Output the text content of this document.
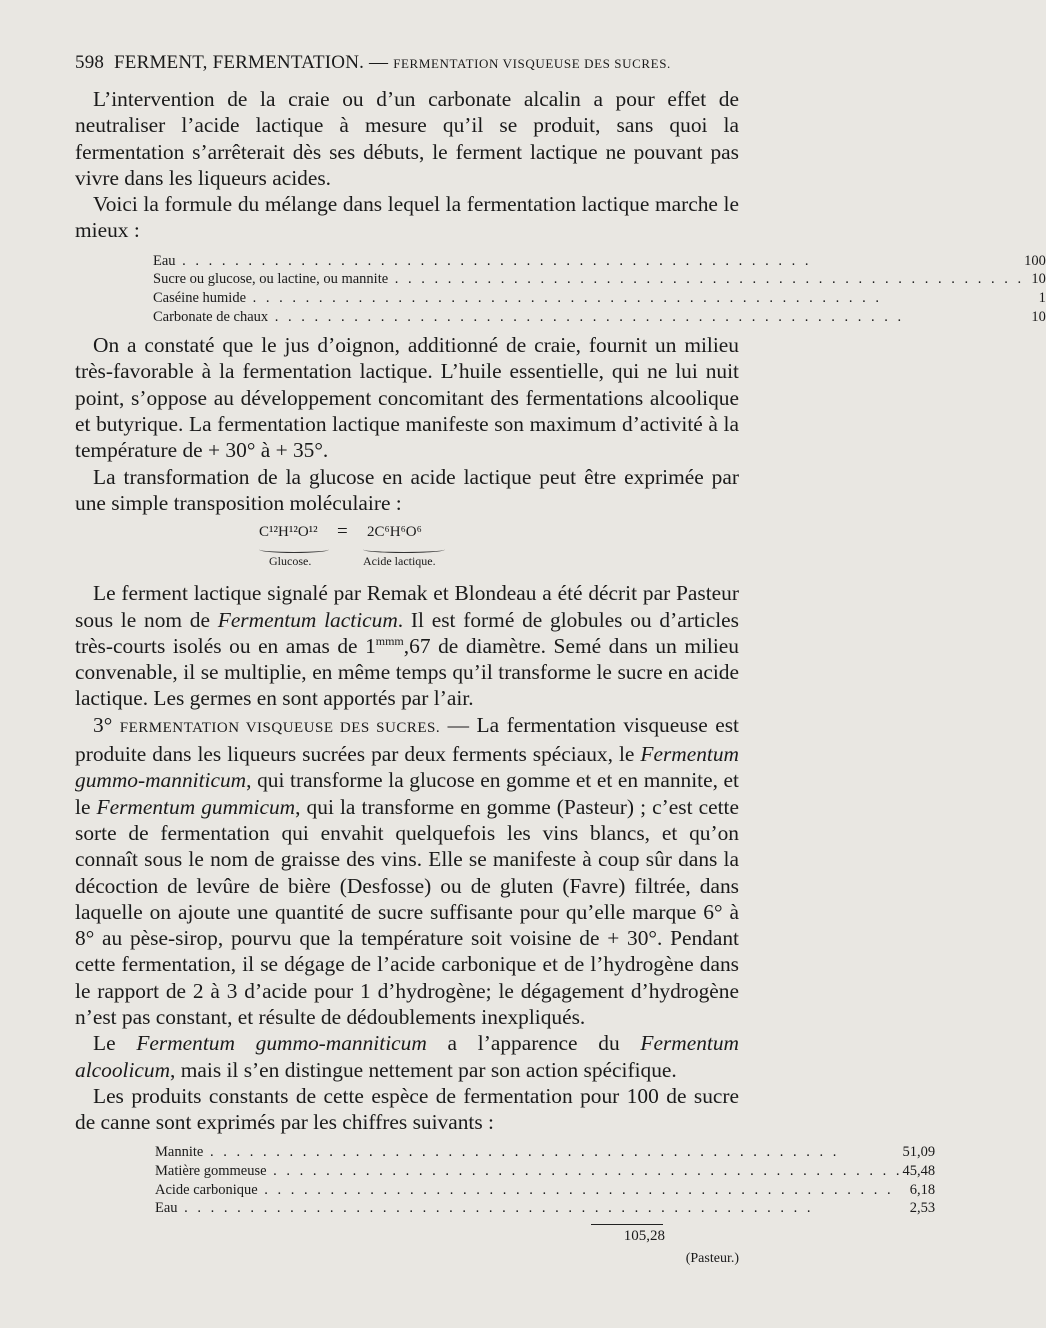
598 FERMENT, FERMENTATION. — FERMENTATION VISQUEUSE DES SUCRES.

L’intervention de la craie ou d’un carbonate alcalin a pour effet de neutraliser l’acide lactique à mesure qu’il se produit, sans quoi la fermentation s’arrêterait dès ses débuts, le ferment lactique ne pouvant pas vivre dans les liqueurs acides.

Voici la formule du mélange dans lequel la fermentation lactique marche le mieux :

Eau . . .	100
Sucre ou glucose, ou lactine, ou mannite . . .	10
Caséine humide . . .	1
Carbonate de chaux . . .	10

On a constaté que le jus d’oignon, additionné de craie, fournit un milieu très-favorable à la fermentation lactique. L’huile essentielle, qui ne lui nuit point, s’oppose au développement concomitant des fermentations alcoolique et butyrique. La fermentation lactique manifeste son maximum d’activité à la température de + 30° à + 35°.

La transformation de la glucose en acide lactique peut être exprimée par une simple transposition moléculaire :

C¹²H¹²O¹² = 2C⁶H⁶O⁶
Glucose.	Acide lactique.

Le ferment lactique signalé par Remak et Blondeau a été décrit par Pasteur sous le nom de Fermentum lacticum. Il est formé de globules ou d’articles très-courts isolés ou en amas de $1^{mmm},67$ de diamètre. Semé dans un milieu convenable, il se multiplie, en même temps qu’il transforme le sucre en acide lactique. Les germes en sont apportés par l’air.

3° FERMENTATION VISQUEUSE DES SUCRES. — La fermentation visqueuse est produite dans les liqueurs sucrées par deux ferments spéciaux, le Fermentum gummo-manniticum, qui transforme la glucose en gomme et et en mannite, et le Fermentum gummicum, qui la transforme en gomme (Pasteur) ; c’est cette sorte de fermentation qui envahit quelquefois les vins blancs, et qu’on connaît sous le nom de graisse des vins. Elle se manifeste à coup sûr dans la décoction de levûre de bière (Desfosse) ou de gluten (Favre) filtrée, dans laquelle on ajoute une quantité de sucre suffisante pour qu’elle marque 6° à 8° au pèse-sirop, pourvu que la température soit voisine de + 30°. Pendant cette fermentation, il se dégage de l’acide carbonique et de l’hydrogène dans le rapport de 2 à 3 d’acide pour 1 d’hydrogène; le dégagement d’hydrogène n’est pas constant, et résulte de dédoublements inexpliqués.

Le Fermentum gummo-manniticum a l’apparence du Fermentum alcoolicum, mais il s’en distingue nettement par son action spécifique.

Les produits constants de cette espèce de fermentation pour 100 de sucre de canne sont exprimés par les chiffres suivants :

Mannite . . .	51,09
Matière gommeuse . . .	45,48
Acide carbonique . . .	6,18
Eau . . .	2,53
105,28
(Pasteur.)
